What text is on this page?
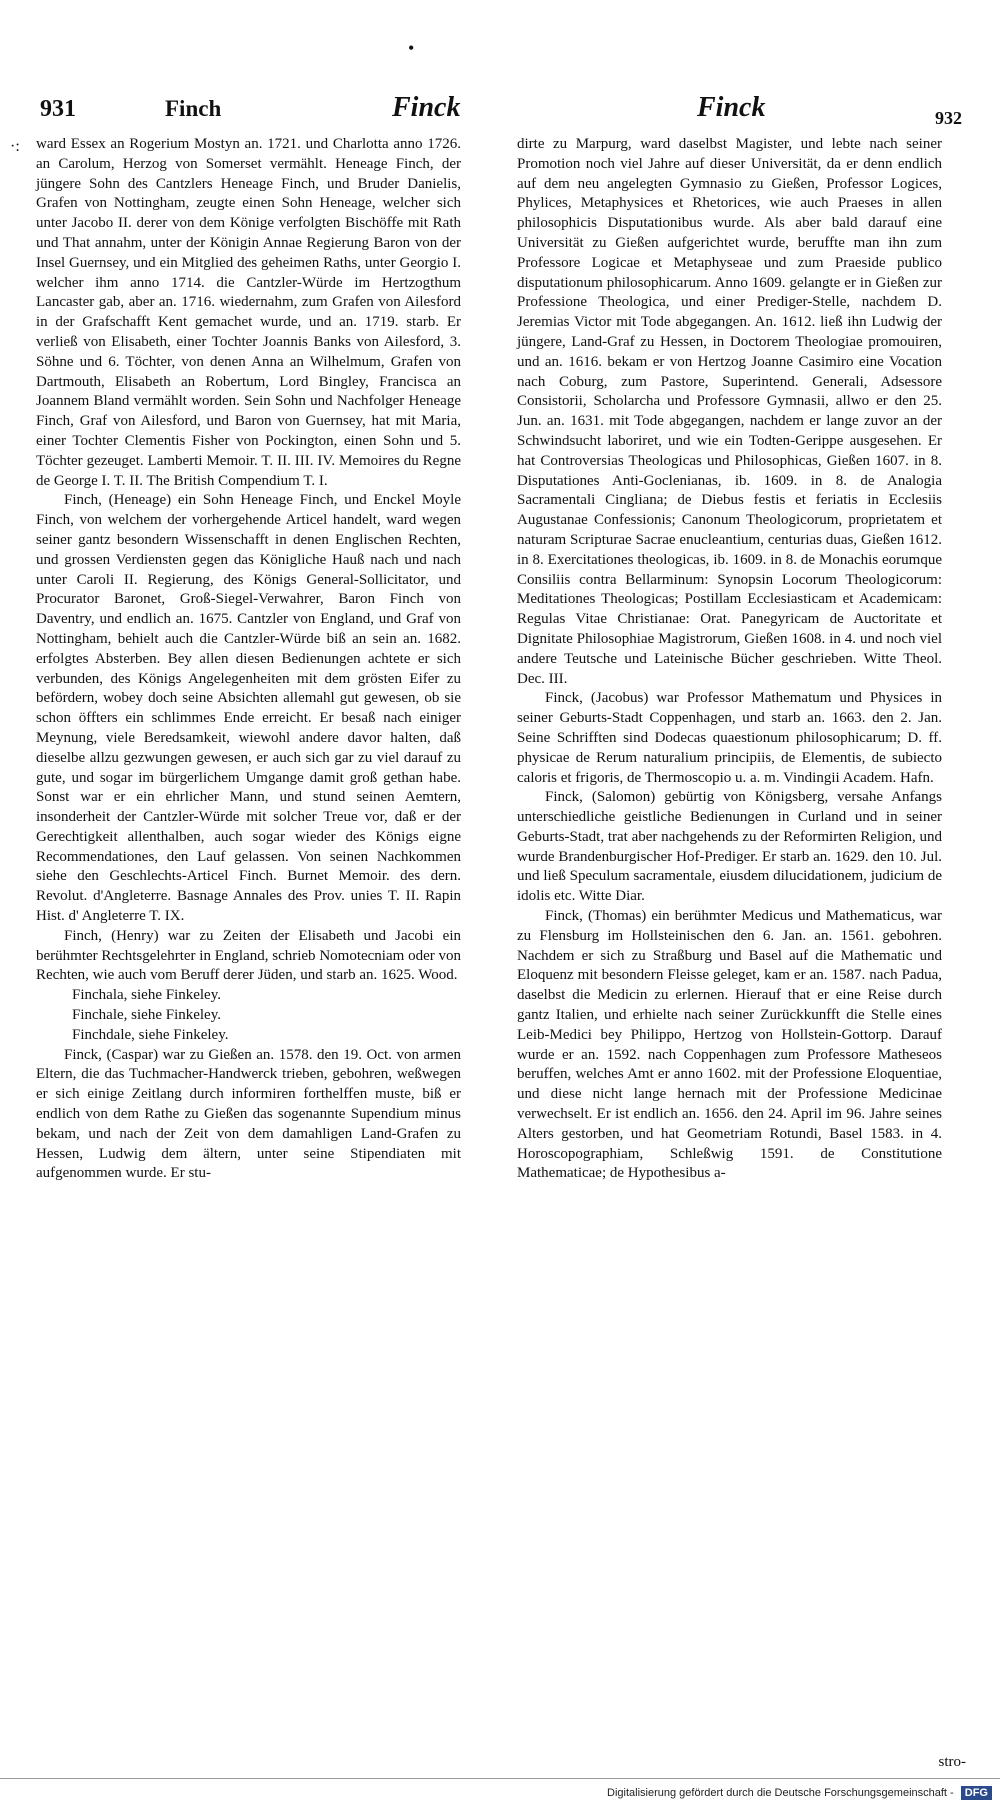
•
931	Finch	Finck	Finck	932
·: ward Essex an Rogerium Mostyn an. 1721. und Charlotta anno 1726. an Carolum, Herzog von Somerset vermählt. Heneage Finch, der jüngere Sohn des Cantzlers Heneage Finch, und Bruder Danielis, Grafen von Nottingham, zeugte einen Sohn Heneage, welcher sich unter Jacobo II. derer von dem Könige verfolgten Bischöffe mit Rath und That annahm, unter der Königin Annae Regierung Baron von der Insel Guernsey, und ein Mitglied des geheimen Raths, unter Georgio I. welcher ihm anno 1714. die Cantzler-Würde im Hertzogthum Lancaster gab, aber an. 1716. wiedernahm, zum Grafen von Ailesford in der Grafschafft Kent gemachet wurde, und an. 1719. starb. Er verließ von Elisabeth, einer Tochter Joannis Banks von Ailesford, 3. Söhne und 6. Töchter, von denen Anna an Wilhelmum, Grafen von Dartmouth, Elisabeth an Robertum, Lord Bingley, Francisca an Joannem Bland vermählt worden. Sein Sohn und Nachfolger Heneage Finch, Graf von Ailesford, und Baron von Guernsey, hat mit Maria, einer Tochter Clementis Fisher von Pockington, einen Sohn und 5. Töchter gezeuget. Lamberti Memoir. T. II. III. IV. Memoires du Regne de George I. T. II. The British Compendium T. I.

Finch, (Heneage) ein Sohn Heneage Finch, und Enckel Moyle Finch, von welchem der vorhergehende Articel handelt, ward wegen seiner gantz besondern Wissenschafft in denen Englischen Rechten, und grossen Verdiensten gegen das Königliche Hauß nach und nach unter Caroli II. Regierung, des Königs General-Sollicitator, und Procurator Baronet, Groß-Siegel-Verwahrer, Baron Finch von Daventry, und endlich an. 1675. Cantzler von England, und Graf von Nottingham, behielt auch die Cantzler-Würde biß an sein an. 1682. erfolgtes Absterben. Bey allen diesen Bedienungen achtete er sich verbunden, des Königs Angelegenheiten mit dem grösten Eifer zu befördern, wobey doch seine Absichten allemahl gut gewesen, ob sie schon öffters ein schlimmes Ende erreicht. Er besaß nach einiger Meynung, viele Beredsamkeit, wiewohl andere davor halten, daß dieselbe allzu gezwungen gewesen, er auch sich gar zu viel darauf zu gute, und sogar im bürgerlichem Umgange damit groß gethan habe. Sonst war er ein ehrlicher Mann, und stund seinen Aemtern, insonderheit der Cantzler-Würde mit solcher Treue vor, daß er der Gerechtigkeit allenthalben, auch sogar wieder des Königs eigne Recommendationes, den Lauf gelassen. Von seinen Nachkommen siehe den Geschlechts-Articel Finch. Burnet Memoir. des dern. Revolut. d'Angleterre. Basnage Annales des Prov. unies T. II. Rapin Hist. d' Angleterre T. IX.

Finch, (Henry) war zu Zeiten der Elisabeth und Jacobi ein berühmter Rechtsgelehrter in England, schrieb Nomotecniam oder von Rechten, wie auch vom Beruff derer Jüden, und starb an. 1625. Wood.

Finchala, siehe Finkeley.

Finchale, siehe Finkeley.

Finchdale, siehe Finkeley.

Finck, (Caspar) war zu Gießen an. 1578. den 19. Oct. von armen Eltern, die das Tuchmacher-Handwerck trieben, gebohren, weßwegen er sich einige Zeitlang durch informiren forthelffen muste, biß er endlich von dem Rathe zu Gießen das sogenannte Supendium minus bekam, und nach der Zeit von dem damahligen Land-Grafen zu Hessen, Ludwig dem ältern, unter seine Stipendiaten mit aufgenommen wurde. Er stu-

dirte zu Marpurg, ward daselbst Magister, und lebte nach seiner Promotion noch viel Jahre auf dieser Universität, da er denn endlich auf dem neu angelegten Gymnasio zu Gießen, Professor Logices, Phylices, Metaphysices et Rhetorices, wie auch Praeses in allen philosophicis Disputationibus wurde. Als aber bald darauf eine Universität zu Gießen aufgerichtet wurde, beruffte man ihn zum Professore Logicae et Metaphyseae und zum Praeside publico disputationum philosophicarum. Anno 1609. gelangte er in Gießen zur Professione Theologica, und einer Prediger-Stelle, nachdem D. Jeremias Victor mit Tode abgegangen. An. 1612. ließ ihn Ludwig der jüngere, Land-Graf zu Hessen, in Doctorem Theologiae promouiren, und an. 1616. bekam er von Hertzog Joanne Casimiro eine Vocation nach Coburg, zum Pastore, Superintend. Generali, Adsessore Consistorii, Scholarcha und Professore Gymnasii, allwo er den 25. Jun. an. 1631. mit Tode abgegangen, nachdem er lange zuvor an der Schwindsucht laboriret, und wie ein Todten-Gerippe ausgesehen. Er hat Controversias Theologicas und Philosophicas, Gießen 1607. in 8. Disputationes Anti-Goclenianas, ib. 1609. in 8. de Analogia Sacramentali Cingliana; de Diebus festis et feriatis in Ecclesiis Augustanae Confessionis; Canonum Theologicorum, proprietatem et naturam Scripturae Sacrae enucleantium, centurias duas, Gießen 1612. in 8. Exercitationes theologicas, ib. 1609. in 8. de Monachis eorumque Consiliis contra Bellarminum: Synopsin Locorum Theologicorum: Meditationes Theologicas; Postillam Ecclesiasticam et Academicam: Regulas Vitae Christianae: Orat. Panegyricam de Auctoritate et Dignitate Philosophiae Magistrorum, Gießen 1608. in 4. und noch viel andere Teutsche und Lateinische Bücher geschrieben. Witte Theol. Dec. III.

Finck, (Jacobus) war Professor Mathematum und Physices in seiner Geburts-Stadt Coppenhagen, und starb an. 1663. den 2. Jan. Seine Schrifften sind Dodecas quaestionum philosophicarum; D. ff. physicae de Rerum naturalium principiis, de Elementis, de subiecto caloris et frigoris, de Thermoscopio u. a. m. Vindingii Academ. Hafn.

Finck, (Salomon) gebürtig von Königsberg, versahe Anfangs unterschiedliche geistliche Bedienungen in Curland und in seiner Geburts-Stadt, trat aber nachgehends zu der Reformirten Religion, und wurde Brandenburgischer Hof-Prediger. Er starb an. 1629. den 10. Jul. und ließ Speculum sacramentale, eiusdem dilucidationem, judicium de idolis etc. Witte Diar.

Finck, (Thomas) ein berühmter Medicus und Mathematicus, war zu Flensburg im Hollsteinischen den 6. Jan. an. 1561. gebohren. Nachdem er sich zu Straßburg und Basel auf die Mathematic und Eloquenz mit besondern Fleisse geleget, kam er an. 1587. nach Padua, daselbst die Medicin zu erlernen. Hierauf that er eine Reise durch gantz Italien, und erhielte nach seiner Zurückkunfft die Stelle eines Leib-Medici bey Philippo, Hertzog von Hollstein-Gottorp. Darauf wurde er an. 1592. nach Coppenhagen zum Professore Matheseos beruffen, welches Amt er anno 1602. mit der Professione Eloquentiae, und diese nicht lange hernach mit der Professione Medicinae verwechselt. Er ist endlich an. 1656. den 24. April im 96. Jahre seines Alters gestorben, und hat Geometriam Rotundi, Basel 1583. in 4. Horoscopographiam, Schleßwig 1591. de Constitutione Mathematicae; de Hypothesibus a-

stro-
Digitalisierung gefördert durch die Deutsche Forschungsgemeinschaft - DFG
